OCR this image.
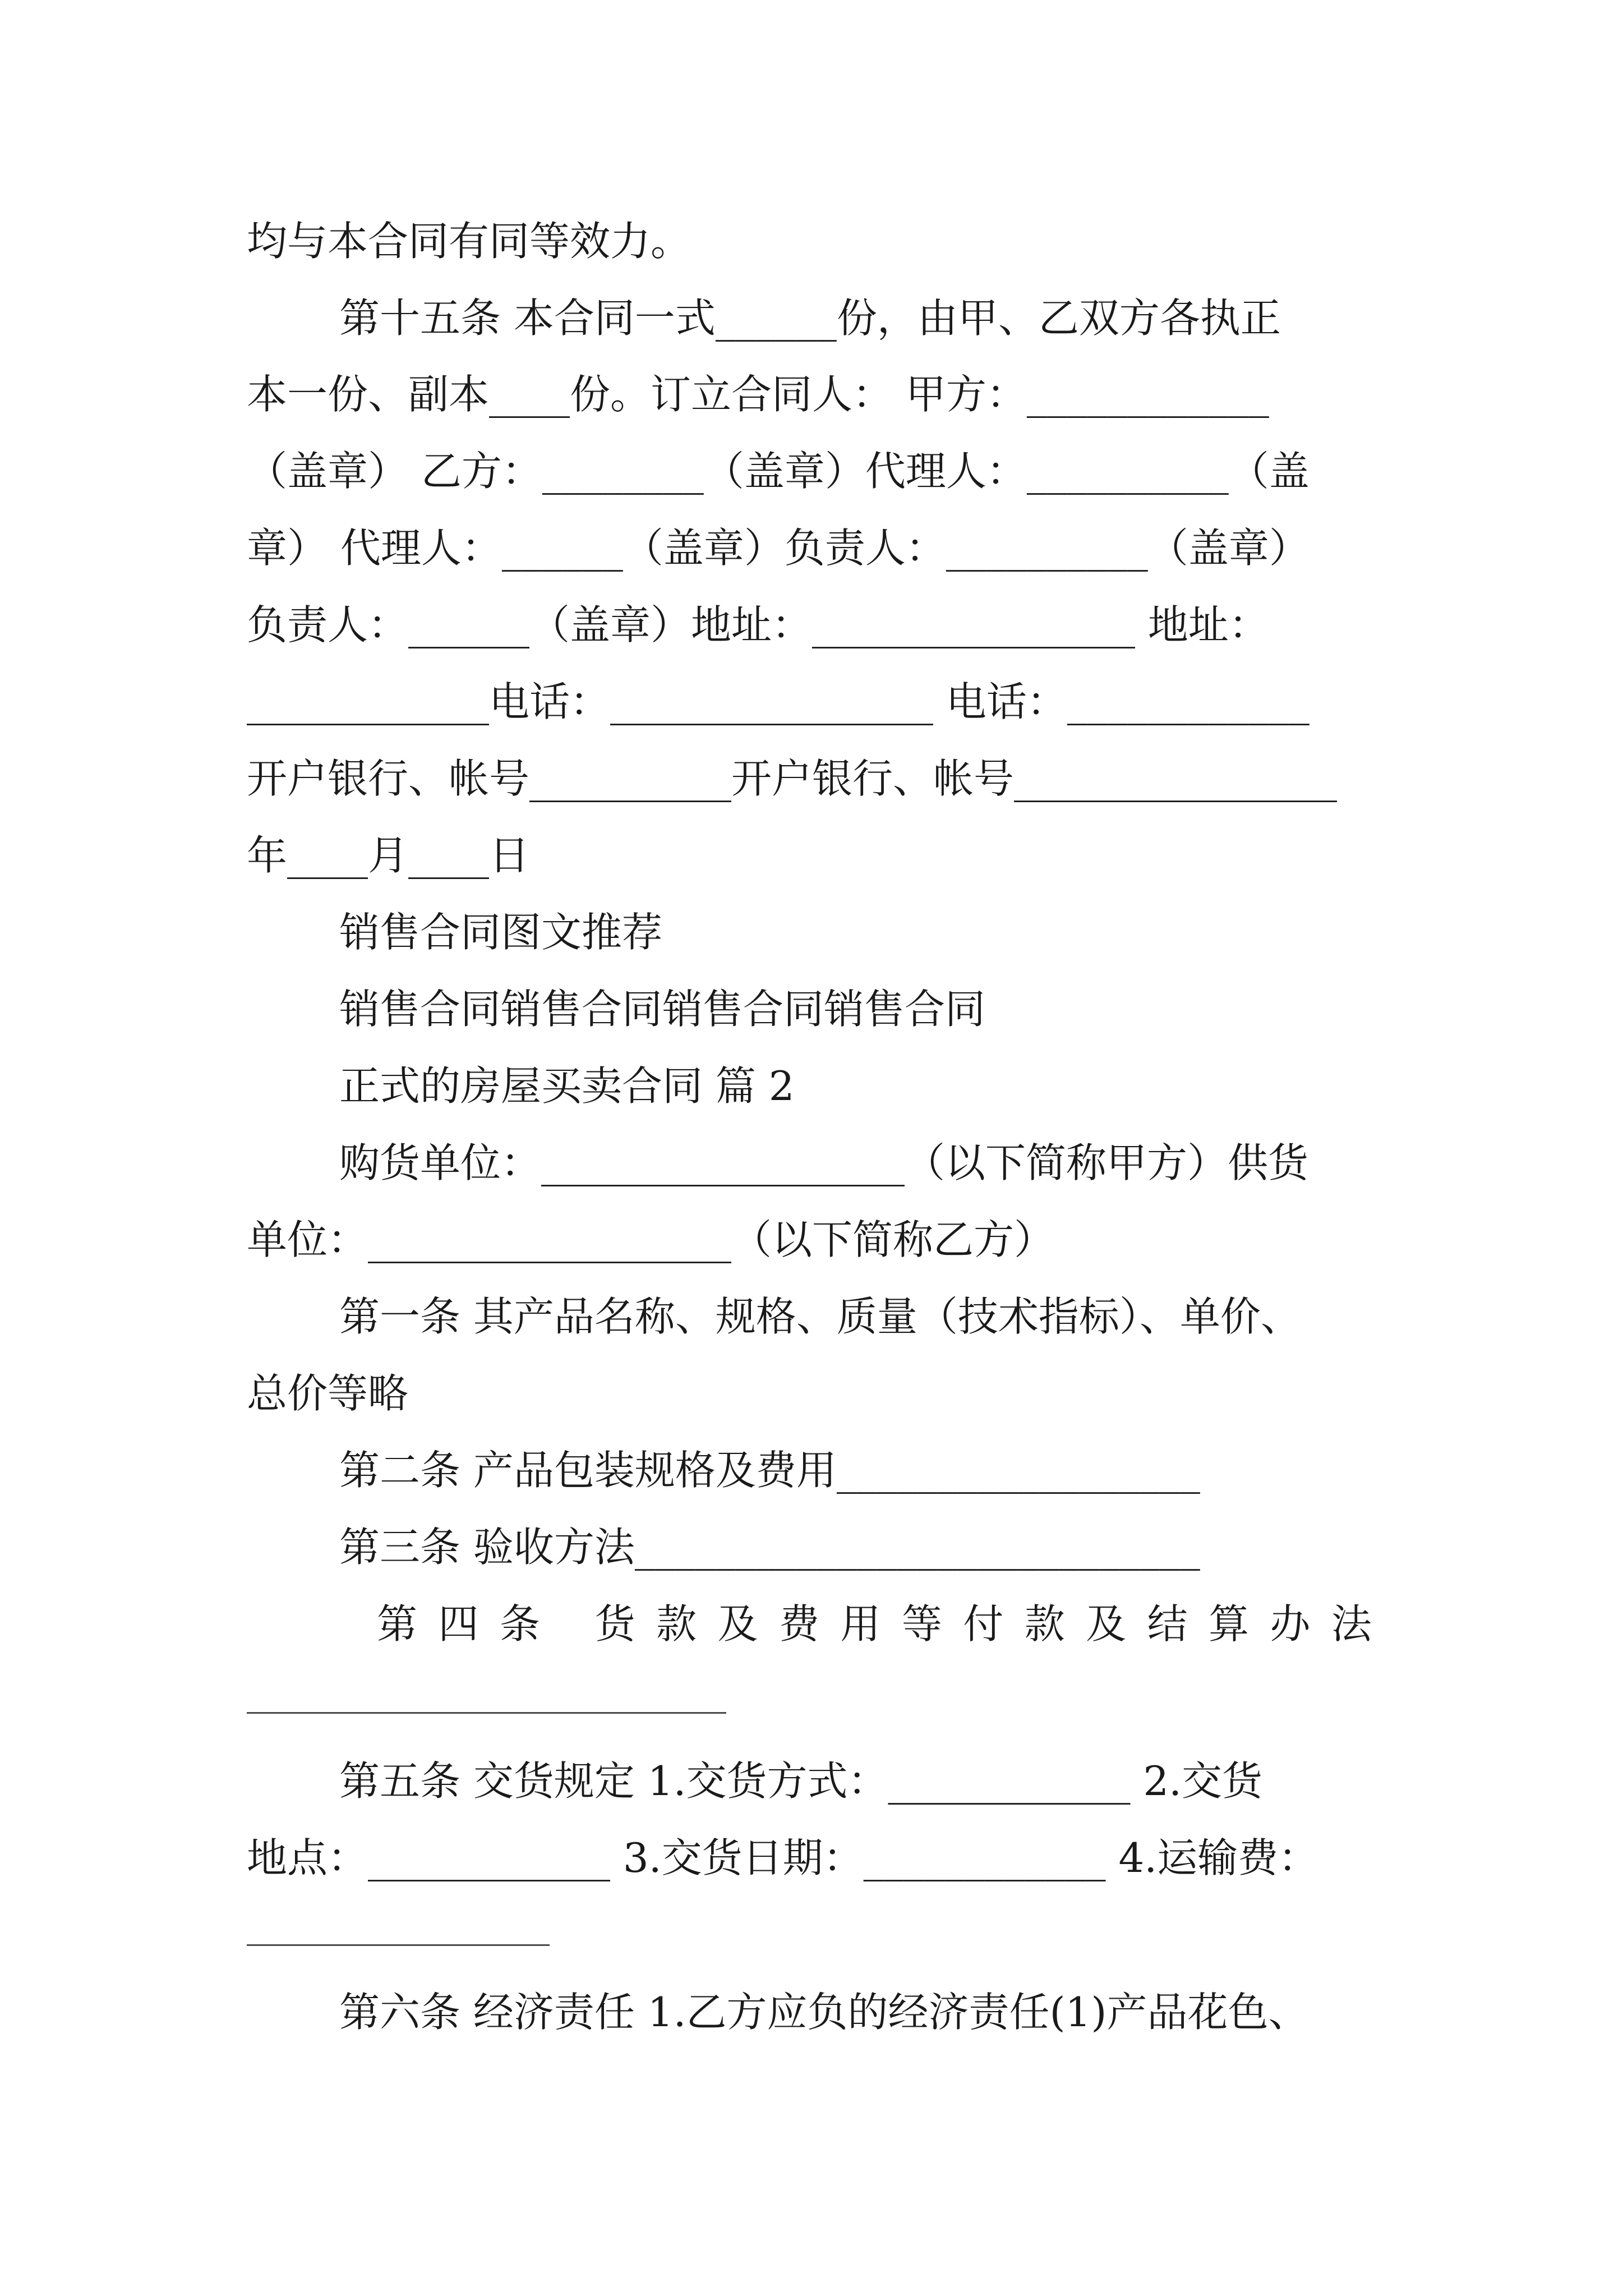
均与本合同有同等效力。
第十五条 本合同一式______份，由甲、乙双方各执正
本一份、副本____份。订立合同人： 甲方：____________
（盖章） 乙方：________（盖章）代理人：__________（盖
章） 代理人：______（盖章）负责人：__________（盖章）
负责人：______（盖章）地址：________________ 地址：
____________电话：________________ 电话：____________
开户银行、帐号__________开户银行、帐号________________
年____月____日
销售合同图文推荐
销售合同销售合同销售合同销售合同
正式的房屋买卖合同 篇 2
购货单位：__________________（以下简称甲方）供货
单位：__________________（以下简称乙方）
第一条 其产品名称、规格、质量（技术指标）、单价、
总价等略
第二条 产品包装规格及费用__________________
第三条 验收方法____________________________
第四条 货款及费用等付款及结算办法
第五条 交货规定 1.交货方式：____________ 2.交货
地点：____________ 3.交货日期：____________ 4.运输费：
第六条 经济责任 1.乙方应负的经济责任(1)产品花色、
